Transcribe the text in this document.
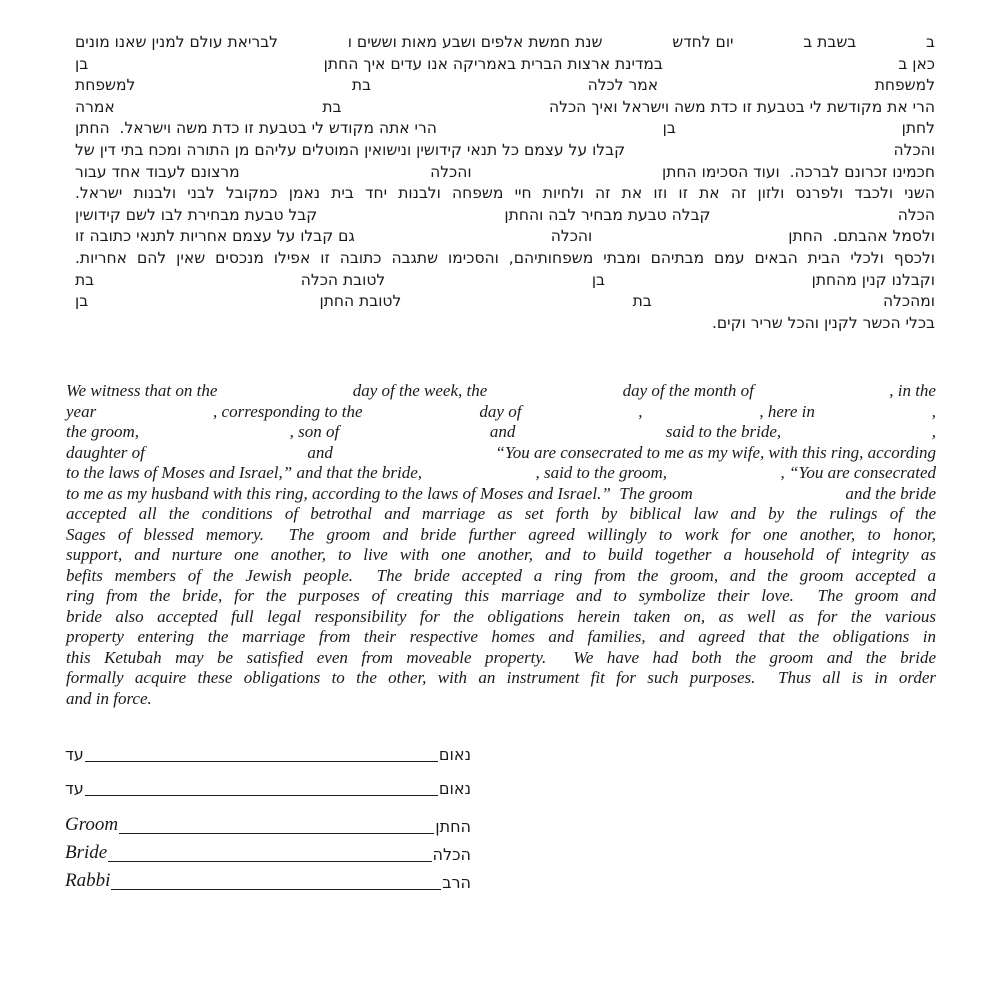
ב
בשבת ב
יום לחדש
שנת חמשת אלפים ושבע מאות וששים ו
לבריאת עולם למנין שאנו מונים
כאן ב
במדינת ארצות הברית באמריקה אנו עדים איך החתן
בן
למשפחת
אמר לכלה
בת
למשפחת
הרי את מקודשת לי בטבעת זו כדת משה וישראל ואיך הכלה
בת
אמרה
לחתן
בן
הרי אתה מקודש לי בטבעת זו כדת משה וישראל.  החתן
והכלה
קבלו על עצמם כל תנאי קידושין ונישואין המוטלים עליהם מן התורה ומכח בתי דין של
חכמינו זכרונם לברכה.  ועוד הסכימו החתן
והכלה
מרצונם לעבוד אחד עבור
השני ולכבד ולפרנס ולזון זה את זו וזו את זה ולחיות חיי משפחה ולבנות יחד בית נאמן כמקובל לבני ולבנות ישראל.
הכלה
קבלה טבעת מבחיר לבה והחתן
קבל טבעת מבחירת לבו לשם קידושין
ולסמל אהבתם.  החתן
והכלה
גם קבלו על עצמם אחריות לתנאי כתובה זו
ולכסף ולכלי הבית הבאים עמם מבתיהם ומבתי משפחותיהם, והסכימו שתגבה כתובה זו אפילו מנכסים שאין להם אחריות.
וקבלנו קנין מהחתן
בן
לטובת הכלה
בת
ומהכלה
בת
לטובת החתן
בן
בכלי הכשר לקנין והכל שריר וקים.
We witness that on the	day of the week, the	day of the month of	, in the
year	, corresponding to the	day of	,	, here in	,
the groom,	, son of	and	said to the bride,	,
daughter of	and	“You are consecrated to me as my wife, with this ring, according
to the laws of Moses and Israel,” and that the bride,	, said to the groom,	, “You are consecrated
to me as my husband with this ring, according to the laws of Moses and Israel.”  The groom	and the bride
accepted all the conditions of betrothal and marriage as set forth by biblical law and by the rulings of the
Sages of blessed memory.  The groom and bride further agreed willingly to work for one another, to honor,
support, and nurture one another, to live with one another, and to build together a household of integrity as
befits members of the Jewish people.  The bride accepted a ring from the groom, and the groom accepted a
ring from the bride, for the purposes of creating this marriage and to symbolize their love.  The groom and
bride also accepted full legal responsibility for the obligations herein taken on, as well as for the various
property entering the marriage from their respective homes and families, and agreed that the obligations in
this Ketubah may be satisfied even from moveable property.  We have had both the groom and the bride
formally acquire these obligations to the other, with an instrument fit for such purposes.  Thus all is in order
and in force.
עד	נאום
עד	נאום
Groom	החתן
Bride	הכלה
Rabbi	הרב
